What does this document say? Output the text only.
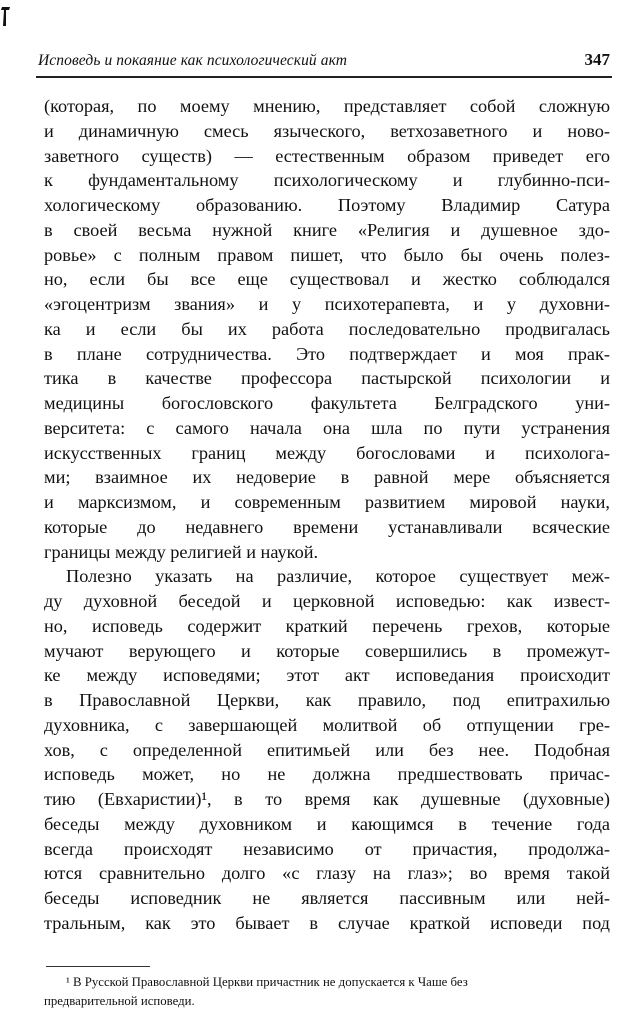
Исповедь и покаяние как психологический акт	347
(которая, по моему мнению, представляет собой сложную
и динамичную смесь языческого, ветхозаветного и ново-
заветного существ) — естественным образом приведет его
к фундаментальному психологическому и глубинно-пси-
хологическому образованию. Поэтому Владимир Сатура
в своей весьма нужной книге «Религия и душевное здо-
ровье» с полным правом пишет, что было бы очень полез-
но, если бы все еще существовал и жестко соблюдался
«эгоцентризм звания» и у психотерапевта, и у духовни-
ка и если бы их работа последовательно продвигалась
в плане сотрудничества. Это подтверждает и моя прак-
тика в качестве профессора пастырской психологии и
медицины богословского факультета Белградского уни-
верситета: с самого начала она шла по пути устранения
искусственных границ между богословами и психолога-
ми; взаимное их недоверие в равной мере объясняется
и марксизмом, и современным развитием мировой науки,
которые до недавнего времени устанавливали всяческие
границы между религией и наукой.
Полезно указать на различие, которое существует меж-
ду духовной беседой и церковной исповедью: как извест-
но, исповедь содержит краткий перечень грехов, которые
мучают верующего и которые совершились в промежут-
ке между исповедями; этот акт исповедания происходит
в Православной Церкви, как правило, под епитрахилью
духовника, с завершающей молитвой об отпущении гре-
хов, с определенной епитимьей или без нее. Подобная
исповедь может, но не должна предшествовать причас-
тию (Евхаристии)¹, в то время как душевные (духовные)
беседы между духовником и кающимся в течение года
всегда происходят независимо от причастия, продолжа-
ются сравнительно долго «с глазу на глаз»; во время такой
беседы исповедник не является пассивным или ней-
тральным, как это бывает в случае краткой исповеди под
¹ В Русской Православной Церкви причастник не допускается к Чаше без
предварительной исповеди.
